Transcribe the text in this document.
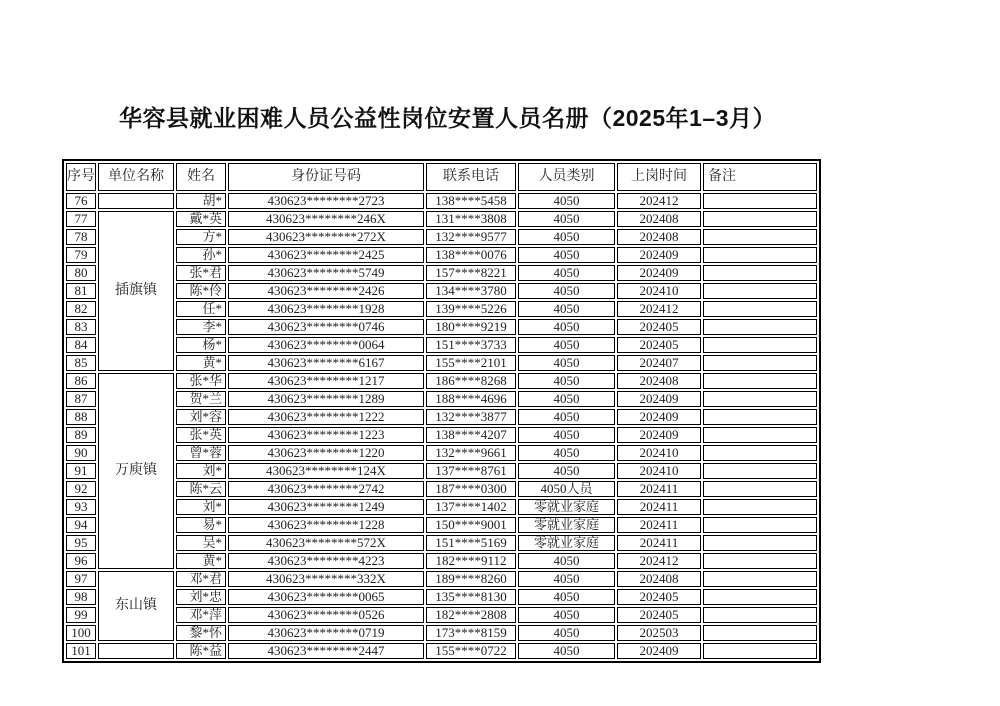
华容县就业困难人员公益性岗位安置人员名册（2025年1–3月）
序号	单位名称	姓名	身份证号码	联系电话	人员类别	上岗时间	备注
76		胡*	430623********2723	138****5458	4050	202412	
77	插旗镇	戴*英	430623********246X	131****3808	4050	202408	
78		方*	430623********272X	132****9577	4050	202408	
79		孙*	430623********2425	138****0076	4050	202409	
80		张*君	430623********5749	157****8221	4050	202409	
81		陈*伶	430623********2426	134****3780	4050	202410	
82		任*	430623********1928	139****5226	4050	202412	
83		李*	430623********0746	180****9219	4050	202405	
84		杨*	430623********0064	151****3733	4050	202405	
85		黄*	430623********6167	155****2101	4050	202407	
86	万庾镇	张*华	430623********1217	186****8268	4050	202408	
87		贺*兰	430623********1289	188****4696	4050	202409	
88		刘*容	430623********1222	132****3877	4050	202409	
89		张*英	430623********1223	138****4207	4050	202409	
90		曾*蓉	430623********1220	132****9661	4050	202410	
91		刘*	430623********124X	137****8761	4050	202410	
92		陈*云	430623********2742	187****0300	4050人员	202411	
93		刘*	430623********1249	137****1402	零就业家庭	202411	
94		易*	430623********1228	150****9001	零就业家庭	202411	
95		吴*	430623********572X	151****5169	零就业家庭	202411	
96		黄*	430623********4223	182****9112	4050	202412	
97	东山镇	邓*君	430623********332X	189****8260	4050	202408	
98		刘*忠	430623********0065	135****8130	4050	202405	
99		邓*萍	430623********0526	182****2808	4050	202405	
100		黎*怀	430623********0719	173****8159	4050	202503	
101		陈*益	430623********2447	155****0722	4050	202409	
